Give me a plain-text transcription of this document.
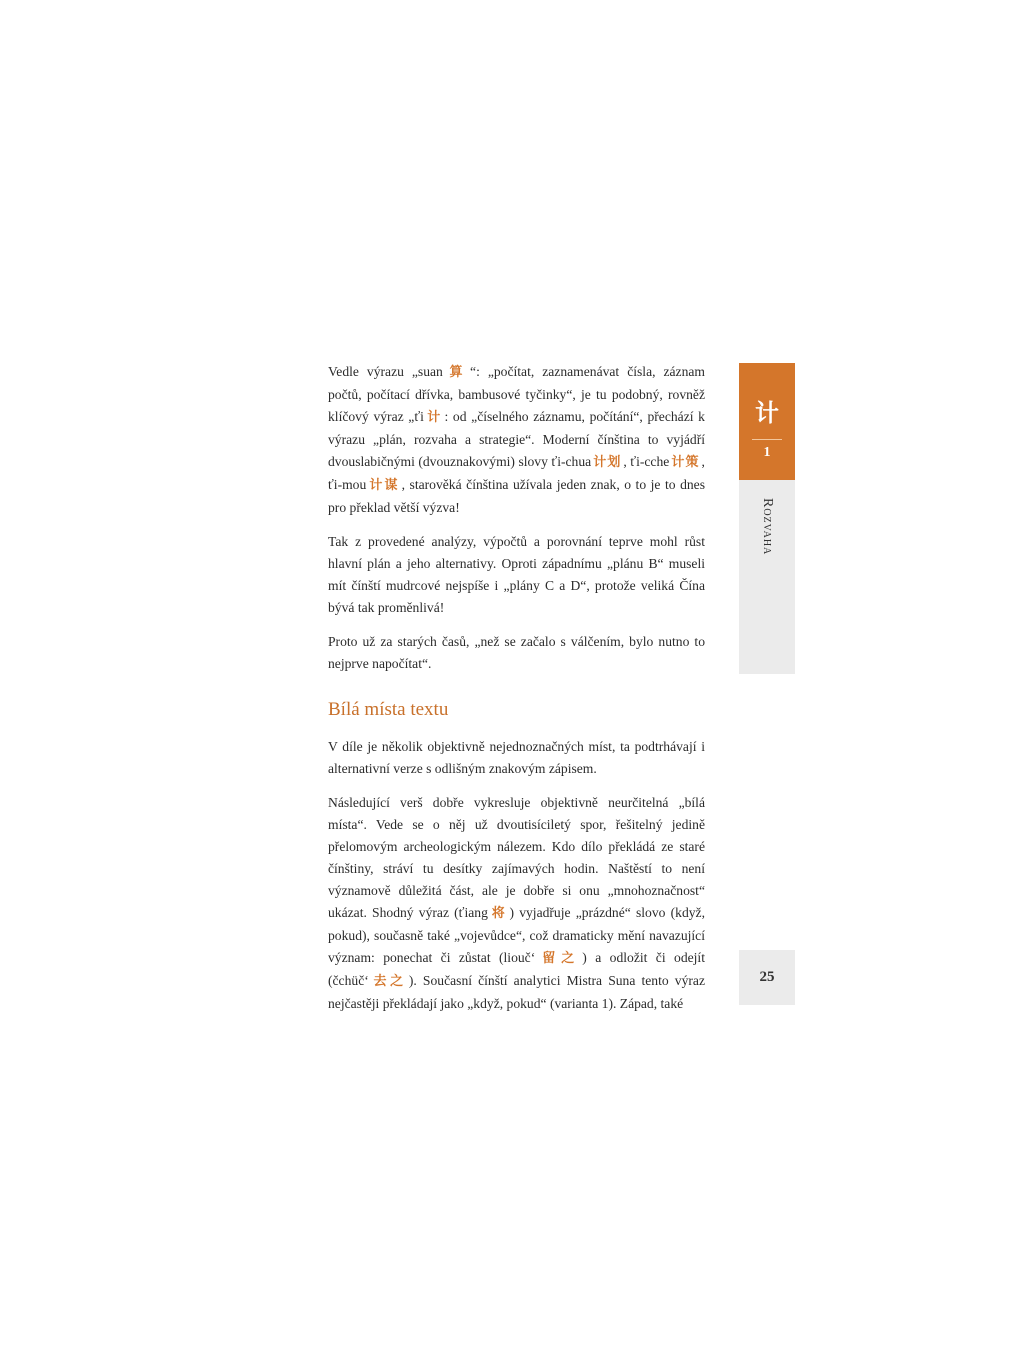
Vedle výrazu „suan 算 “: „počítat, zaznamenávat čísla, záznam počtů, počítací dřívka, bambusové tyčinky“, je tu podobný, rovněž klíčový výraz „ťi 计 : od „číselného záznamu, počítání“, přechází k výrazu „plán, rozvaha a strategie“. Moderní čínština to vyjádří dvouslabičnými (dvouznakovými) slovy ťi-chua 计划 , ťi-cche 计策 , ťi-mou 计谋 , starověká čínština užívala jeden znak, o to je to dnes pro překlad větší výzva!

Tak z provedené analýzy, výpočtů a porovnání teprve mohl růst hlavní plán a jeho alternativy. Oproti západnímu „plánu B“ museli mít čínští mudrcové nejspíše i „plány C a D“, protože veliká Čína bývá tak proměnlivá!

Proto už za starých časů, „než se začalo s válčením, bylo nutno to nejprve napočítat“.

Bílá místa textu

V díle je několik objektivně nejednoznačných míst, ta podtrhávají i alternativní verze s odlišným znakovým zápisem.

Následující verš dobře vykresluje objektivně neurčitelná „bílá místa“. Vede se o něj už dvoutisíciletý spor, řešitelný jedině přelomovým archeologickým nálezem. Kdo dílo překládá ze staré čínštiny, stráví tu desítky zajímavých hodin. Naštěstí to není významově důležitá část, ale je dobře si onu „mnohoznačnost“ ukázat. Shodný výraz (ťiang 将 ) vyjadřuje „prázdné“ slovo (když, pokud), současně také „vojevůdce“, což dramaticky mění navazující význam: ponechat či zůstat (liouč‘ 留之 ) a odložit či odejít (čchüč‘ 去之 ). Současní čínští analytici Mistra Suna tento výraz nejčastěji překládají jako „když, pokud“ (varianta 1). Západ, také

计
1
Rozvaha
25
